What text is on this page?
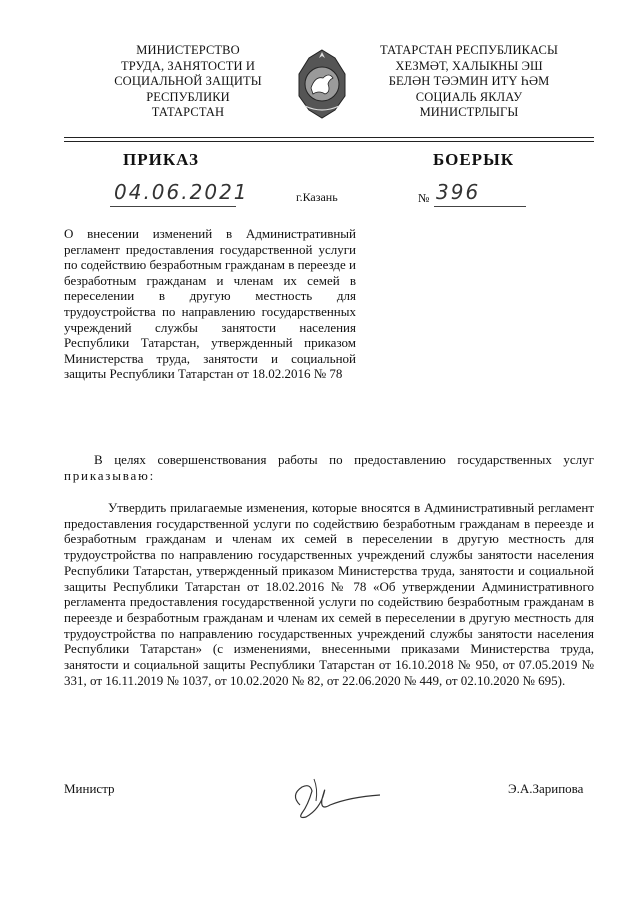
МИНИСТЕРСТВО
ТРУДА, ЗАНЯТОСТИ И
СОЦИАЛЬНОЙ ЗАЩИТЫ
РЕСПУБЛИКИ
ТАТАРСТАН
ТАТАРСТАН РЕСПУБЛИКАСЫ
ХЕЗМӘТ, ХАЛЫКНЫ ЭШ
БЕЛӘН ТӘЭМИН ИТҮ ҺӘМ
СОЦИАЛЬ ЯКЛАУ
МИНИСТРЛЫГЫ
ПРИКАЗ	БОЕРЫК
04.06.2021	г.Казань	№ 396
О внесении изменений в Административный регламент предоставления государственной услуги по содействию безработным гражданам в переезде и безработным гражданам и членам их семей в переселении в другую местность для трудоустройства по направлению государственных учреждений службы занятости населения Республики Татарстан, утвержденный приказом Министерства труда, занятости и социальной защиты Республики Татарстан от 18.02.2016 № 78
В целях совершенствования работы по предоставлению государственных услуг приказываю:
Утвердить прилагаемые изменения, которые вносятся в Административный регламент предоставления государственной услуги по содействию безработным гражданам в переезде и безработным гражданам и членам их семей в переселении в другую местность для трудоустройства по направлению государственных учреждений службы занятости населения Республики Татарстан, утвержденный приказом Министерства труда, занятости и социальной защиты Республики Татарстан от 18.02.2016 № 78 «Об утверждении Административного регламента предоставления государственной услуги по содействию безработным гражданам в переезде и безработным гражданам и членам их семей в переселении в другую местность для трудоустройства по направлению государственных учреждений службы занятости населения Республики Татарстан» (с изменениями, внесенными приказами Министерства труда, занятости и социальной защиты Республики Татарстан от 16.10.2018 № 950, от 07.05.2019 № 331, от 16.11.2019 № 1037, от 10.02.2020 № 82, от 22.06.2020 № 449, от 02.10.2020 № 695).
Министр	Э.А.Зарипова
